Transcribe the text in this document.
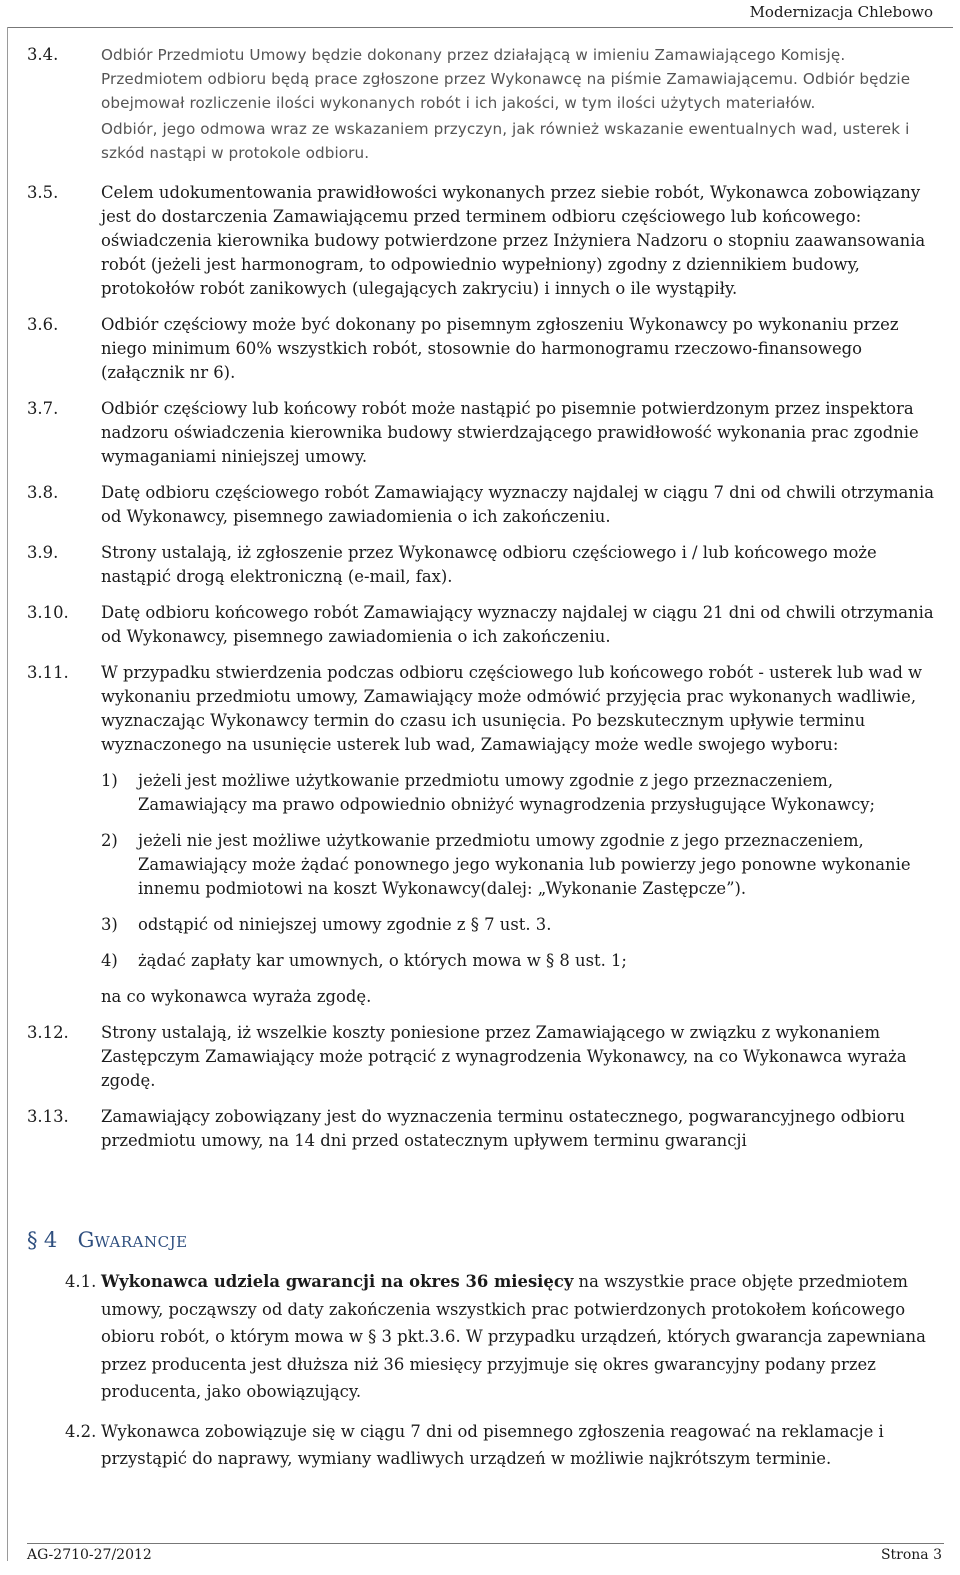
Modernizacja Chlebowo
3.4.	Odbiór Przedmiotu Umowy będzie dokonany przez działającą w imieniu Zamawiającego Komisję. Przedmiotem odbioru będą prace zgłoszone przez Wykonawcę na piśmie Zamawiającemu. Odbiór będzie obejmował rozliczenie ilości wykonanych robót i ich jakości, w tym ilości użytych materiałów.
Odbiór, jego odmowa wraz ze wskazaniem przyczyn, jak również wskazanie ewentualnych wad, usterek i szkód nastąpi w protokole odbioru.
3.5.	Celem udokumentowania prawidłowości wykonanych przez siebie robót, Wykonawca zobowiązany jest do dostarczenia Zamawiającemu przed terminem odbioru częściowego lub końcowego: oświadczenia kierownika budowy potwierdzone przez Inżyniera Nadzoru o stopniu zaawansowania robót (jeżeli jest harmonogram, to odpowiednio wypełniony) zgodny z dziennikiem budowy, protokołów robót zanikowych (ulegających zakryciu) i innych o ile wystąpiły.
3.6.	Odbiór częściowy może być dokonany po pisemnym zgłoszeniu Wykonawcy po wykonaniu przez niego minimum 60% wszystkich robót, stosownie do harmonogramu rzeczowo-finansowego (załącznik nr 6).
3.7.	Odbiór częściowy lub końcowy robót może nastąpić po pisemnie potwierdzonym przez inspektora nadzoru oświadczenia kierownika budowy stwierdzającego prawidłowość wykonania prac zgodnie wymaganiami niniejszej umowy.
3.8.	Datę odbioru częściowego robót Zamawiający wyznaczy najdalej w ciągu 7 dni od chwili otrzymania od Wykonawcy, pisemnego zawiadomienia o ich zakończeniu.
3.9.	Strony ustalają, iż zgłoszenie przez Wykonawcę odbioru częściowego i / lub końcowego może nastąpić drogą elektroniczną (e-mail, fax).
3.10. Datę odbioru końcowego robót Zamawiający wyznaczy najdalej w ciągu 21 dni od chwili otrzymania od Wykonawcy, pisemnego zawiadomienia o ich zakończeniu.
3.11. W przypadku stwierdzenia podczas odbioru częściowego lub końcowego robót - usterek lub wad w wykonaniu przedmiotu umowy, Zamawiający może odmówić przyjęcia prac wykonanych wadliwie, wyznaczając Wykonawcy termin do czasu ich usunięcia. Po bezskutecznym upływie terminu wyznaczonego na usunięcie usterek lub wad, Zamawiający może wedle swojego wyboru:
1) jeżeli jest możliwe użytkowanie przedmiotu umowy zgodnie z jego przeznaczeniem, Zamawiający ma prawo odpowiednio obniżyć wynagrodzenia przysługujące Wykonawcy;
2) jeżeli nie jest możliwe użytkowanie przedmiotu umowy zgodnie z jego przeznaczeniem, Zamawiający może żądać ponownego jego wykonania lub powierzy jego ponowne wykonanie innemu podmiotowi na koszt Wykonawcy(dalej: „Wykonanie Zastępcze”).
3) odstąpić od niniejszej umowy zgodnie z § 7 ust. 3.
4) żądać zapłaty kar umownych, o których mowa w § 8 ust. 1;
na co wykonawca wyraża zgodę.
3.12. Strony ustalają, iż wszelkie koszty poniesione przez Zamawiającego w związku z wykonaniem Zastępczym Zamawiający może potrącić z wynagrodzenia Wykonawcy, na co Wykonawca wyraża zgodę.
3.13. Zamawiający zobowiązany jest do wyznaczenia terminu ostatecznego, pogwarancyjnego odbioru przedmiotu umowy, na 14 dni przed ostatecznym upływem terminu gwarancji
§ 4 GWARANCJE
4.1. Wykonawca udziela gwarancji na okres 36 miesięcy na wszystkie prace objęte przedmiotem umowy, począwszy od daty zakończenia wszystkich prac potwierdzonych protokołem końcowego obioru robót, o którym mowa w § 3 pkt.3.6. W przypadku urządzeń, których gwarancja zapewniana przez producenta jest dłuższa niż 36 miesięcy przyjmuje się okres gwarancyjny podany przez producenta, jako obowiązujący.
4.2. Wykonawca zobowiązuje się w ciągu 7 dni od pisemnego zgłoszenia reagować na reklamacje i przystąpić do naprawy, wymiany wadliwych urządzeń w możliwie najkrótszym terminie.
AG-2710-27/2012	Strona 3
